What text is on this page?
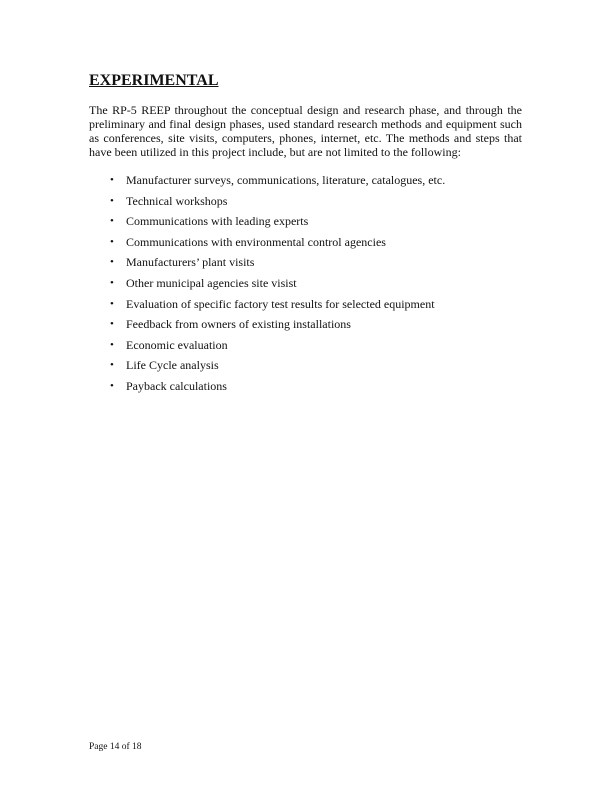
EXPERIMENTAL

The RP-5 REEP throughout the conceptual design and research phase, and through the preliminary and final design phases, used standard research methods and equipment such as conferences, site visits, computers, phones, internet, etc. The methods and steps that have been utilized in this project include, but are not limited to the following:

• Manufacturer surveys, communications, literature, catalogues, etc.
• Technical workshops
• Communications with leading experts
• Communications with environmental control agencies
• Manufacturers’ plant visits
• Other municipal agencies site visist
• Evaluation of specific factory test results for selected equipment
• Feedback from owners of existing installations
• Economic evaluation
• Life Cycle analysis
• Payback calculations
Page 14 of 18
